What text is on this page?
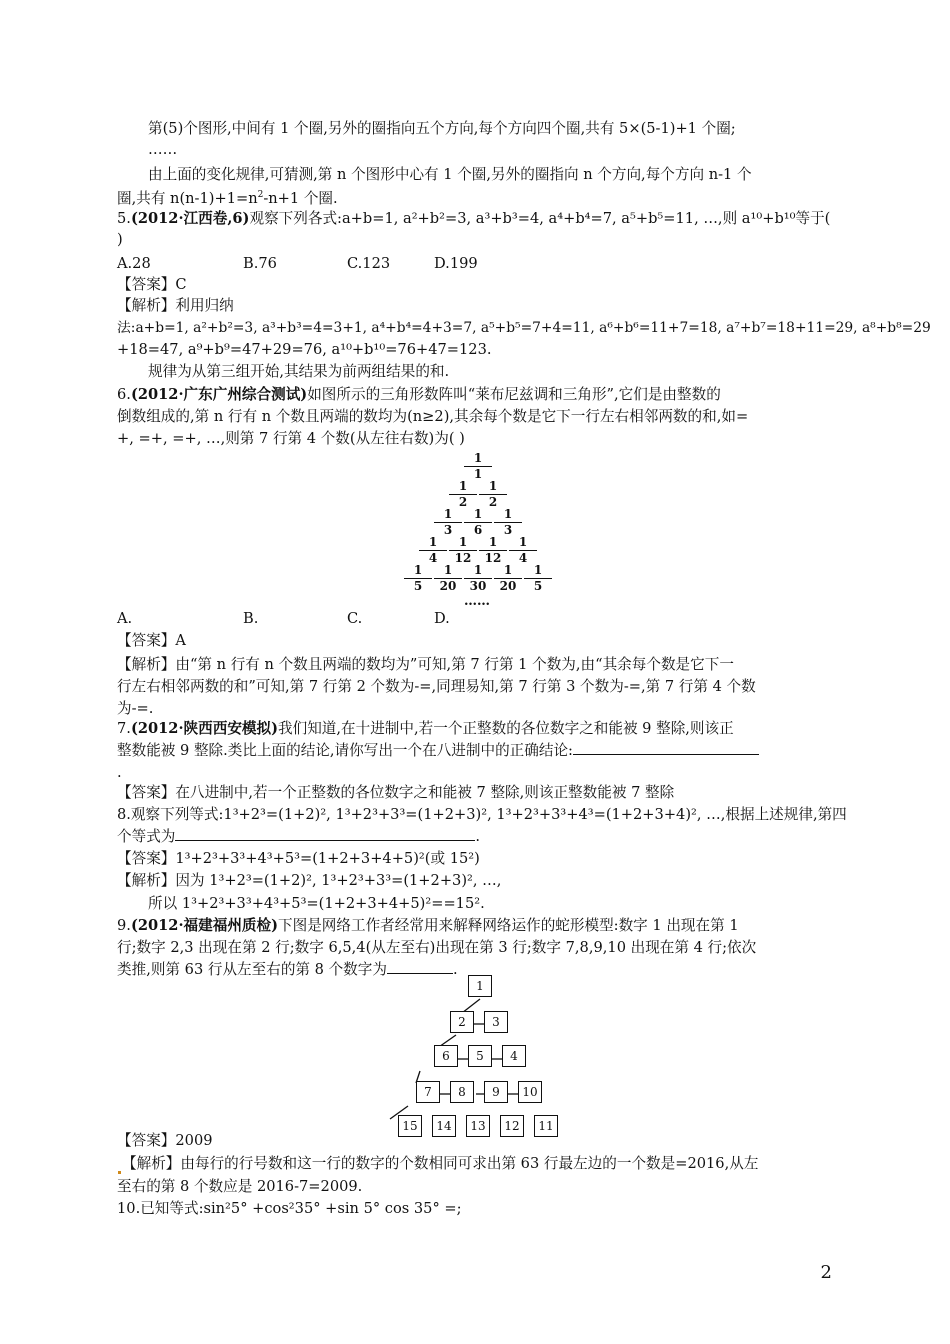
第(5)个图形,中间有 1 个圈,另外的圈指向五个方向,每个方向四个圈,共有 5×(5-1)+1 个圈;
……
由上面的变化规律,可猜测,第 n 个图形中心有 1 个圈,另外的圈指向 n 个方向,每个方向 n-1 个
圈,共有 $n(n-1)+1=n^2-n+1$ 个圈.
5.(2012·江西卷,6)观察下列各式:a+b=1, a²+b²=3, a³+b³=4, a⁴+b⁴=7, a⁵+b⁵=11, …,则 a¹⁰+b¹⁰等于(
)
A.28	B.76	C.123	D.199
【答案】C
【解析】利用归纳
法:a+b=1, a²+b²=3, a³+b³=4=3+1, a⁴+b⁴=4+3=7, a⁵+b⁵=7+4=11, a⁶+b⁶=11+7=18, a⁷+b⁷=18+11=29, a⁸+b⁸=29
+18=47, a⁹+b⁹=47+29=76, a¹⁰+b¹⁰=76+47=123.
规律为从第三组开始,其结果为前两组结果的和.
6.(2012·广东广州综合测试)如图所示的三角形数阵叫“莱布尼兹调和三角形”,它们是由整数的
倒数组成的,第 n 行有 n 个数且两端的数均为(n≥2),其余每个数是它下一行左右相邻两数的和,如=
+, =+, =+, …,则第 7 行第 4 个数(从左往右数)为( )
$\frac{1}{1}$
$\frac{1}{2} \frac{1}{2}$
$\frac{1}{3} \frac{1}{6} \frac{1}{3}$
$\frac{1}{4} \frac{1}{12} \frac{1}{12} \frac{1}{4}$
$\frac{1}{5} \frac{1}{20} \frac{1}{30} \frac{1}{20} \frac{1}{5}$
……
A.	B.	C.	D.
【答案】A
【解析】由“第 n 行有 n 个数且两端的数均为”可知,第 7 行第 1 个数为,由“其余每个数是它下一
行左右相邻两数的和”可知,第 7 行第 2 个数为-=,同理易知,第 7 行第 3 个数为-=,第 7 行第 4 个数
为-=.
7.(2012·陕西西安模拟)我们知道,在十进制中,若一个正整数的各位数字之和能被 9 整除,则该正
整数能被 9 整除.类比上面的结论,请你写出一个在八进制中的正确结论:
.
【答案】在八进制中,若一个正整数的各位数字之和能被 7 整除,则该正整数能被 7 整除
8.观察下列等式:1³+2³=(1+2)², 1³+2³+3³=(1+2+3)², 1³+2³+3³+4³=(1+2+3+4)², …,根据上述规律,第四
个等式为	.
【答案】1³+2³+3³+4³+5³=(1+2+3+4+5)²(或 15²)
【解析】因为 1³+2³=(1+2)², 1³+2³+3³=(1+2+3)², …,
所以 1³+2³+3³+4³+5³=(1+2+3+4+5)²==15².
9.(2012·福建福州质检)下图是网络工作者经常用来解释网络运作的蛇形模型:数字 1 出现在第 1
行;数字 2,3 出现在第 2 行;数字 6,5,4(从左至右)出现在第 3 行;数字 7,8,9,10 出现在第 4 行;依次
类推,则第 63 行从左至右的第 8 个数字为	.
1
2	3
6	5	4
7	8	9	10
15	14	13	12	11
【答案】2009
【解析】由每行的行号数和这一行的数字的个数相同可求出第 63 行最左边的一个数是=2016,从左
至右的第 8 个数应是 2016-7=2009.
10.已知等式:sin²5° +cos²35° +sin 5° cos 35° =;
2
